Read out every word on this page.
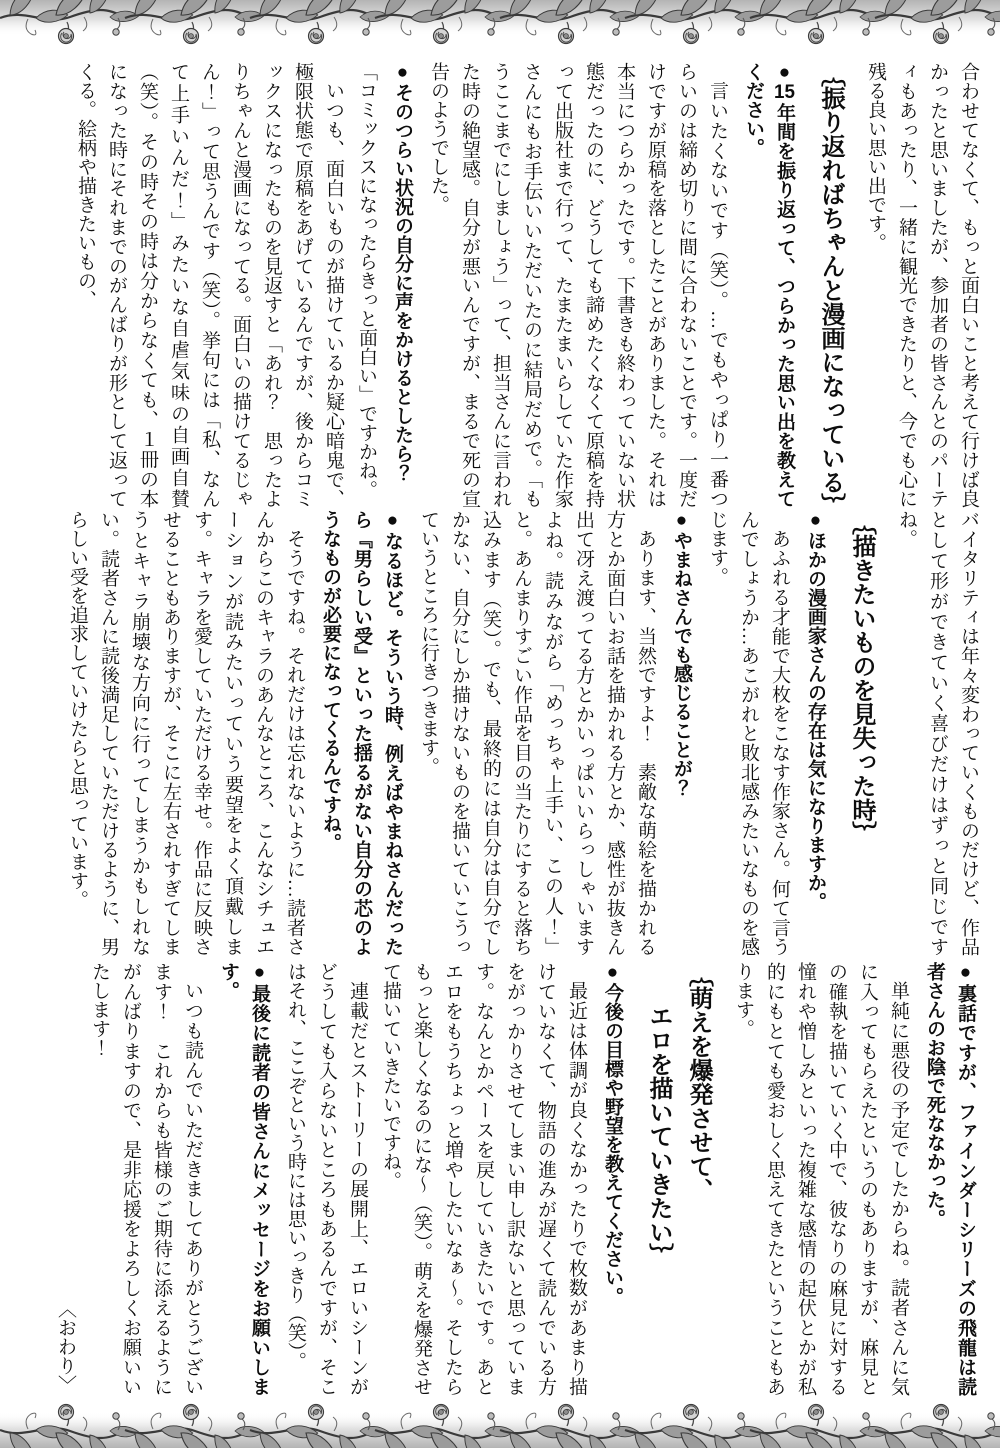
合わせてなくて、もっと面白いこと考えて行けば良かったと思いましたが、参加者の皆さんとのパーティもあったり、一緒に観光できたりと、今でも心に残る良い思い出です。

｛振り返ればちゃんと漫画になっている｝

●15年間を振り返って、つらかった思い出を教えてください。

言いたくないです（笑）。…でもやっぱり一番つらいのは締め切りに間に合わないことです。一度だけですが原稿を落としたことがありました。それは本当につらかったです。下書きも終わっていない状態だったのに、どうしても諦めたくなくて原稿を持って出版社まで行って、たまたまいらしていた作家さんにもお手伝いいただいたのに結局だめで。「もうここまでにしましょう」って、担当さんに言われた時の絶望感。自分が悪いんですが、まるで死の宣告のようでした。

●そのつらい状況の自分に声をかけるとしたら？

「コミックスになったらきっと面白い」ですかね。

いつも、面白いものが描けているか疑心暗鬼で、極限状態で原稿をあげているんですが、後からコミックスになったものを見返すと「あれ？　思ったよりちゃんと漫画になってる。面白いの描けてるじゃん！」って思うんです（笑）。挙句には「私、なんて上手いんだ！」みたいな自虐気味の自画自賛（笑）。その時その時は分からなくても、１冊の本になった時にそれまでのがんばりが形として返ってくる。絵柄や描きたいもの、

バイタリティは年々変わっていくものだけど、作品として形ができていく喜びだけはずっと同じですね。

｛描きたいものを見失った時｝

●ほかの漫画家さんの存在は気になりますか。

あふれる才能で大枚をこなす作家さん。何て言うんでしょうか…あこがれと敗北感みたいなものを感じます。

●やまねさんでも感じることが？

あります、当然ですよ！　素敵な萌絵を描かれる方とか面白いお話を描かれる方とか、感性が抜きん出て冴え渡ってる方とかいっぱいいらっしゃいますよね。読みながら「めっちゃ上手い、この人！」と。あんまりすごい作品を目の当たりにすると落ち込みます（笑）。でも、最終的には自分は自分でしかない、自分にしか描けないものを描いていこうっていうところに行きつきます。

●なるほど。そういう時、例えばやまねさんだったら『男らしい受』といった揺るがない自分の芯のようなものが必要になってくるんですね。

そうですね。それだけは忘れないように…読者さんからこのキャラのあんなところ、こんなシチュエーションが読みたいっていう要望をよく頂戴します。キャラを愛していただける幸せ。作品に反映させることもありますが、そこに左右されすぎてしまうとキャラ崩壊な方向に行ってしまうかもしれない。読者さんに読後満足していただけるように、男らしい受を追求していけたらと思っています。

●裏話ですが、ファインダーシリーズの飛龍は読者さんのお陰で死ななかった。

単純に悪役の予定でしたからね。読者さんに気に入ってもらえたというのもありますが、麻見との確執を描いていく中で、彼なりの麻見に対する憧れや憎しみといった複雑な感情の起伏とかが私的にもとても愛おしく思えてきたということもあります。

｛萌えを爆発させて、
エロを描いていきたい｝

●今後の目標や野望を教えてください。

最近は体調が良くなかったりで枚数があまり描けていなくて、物語の進みが遅くて読んでいる方をがっかりさせてしまい申し訳ないと思っています。なんとかペースを戻していきたいです。あとエロをもうちょっと増やしたいなぁ〜。そしたらもっと楽しくなるのにな〜（笑）。萌えを爆発させて描いていきたいですね。

連載だとストーリーの展開上、エロいシーンがどうしても入らないところもあるんですが、そこはそれ、ここぞという時には思いっきり（笑）。

●最後に読者の皆さんにメッセージをお願いします。

いつも読んでいただきましてありがとうございます！　これからも皆様のご期待に添えるようにがんばりますので、是非応援をよろしくお願いいたします！

〈おわり〉
